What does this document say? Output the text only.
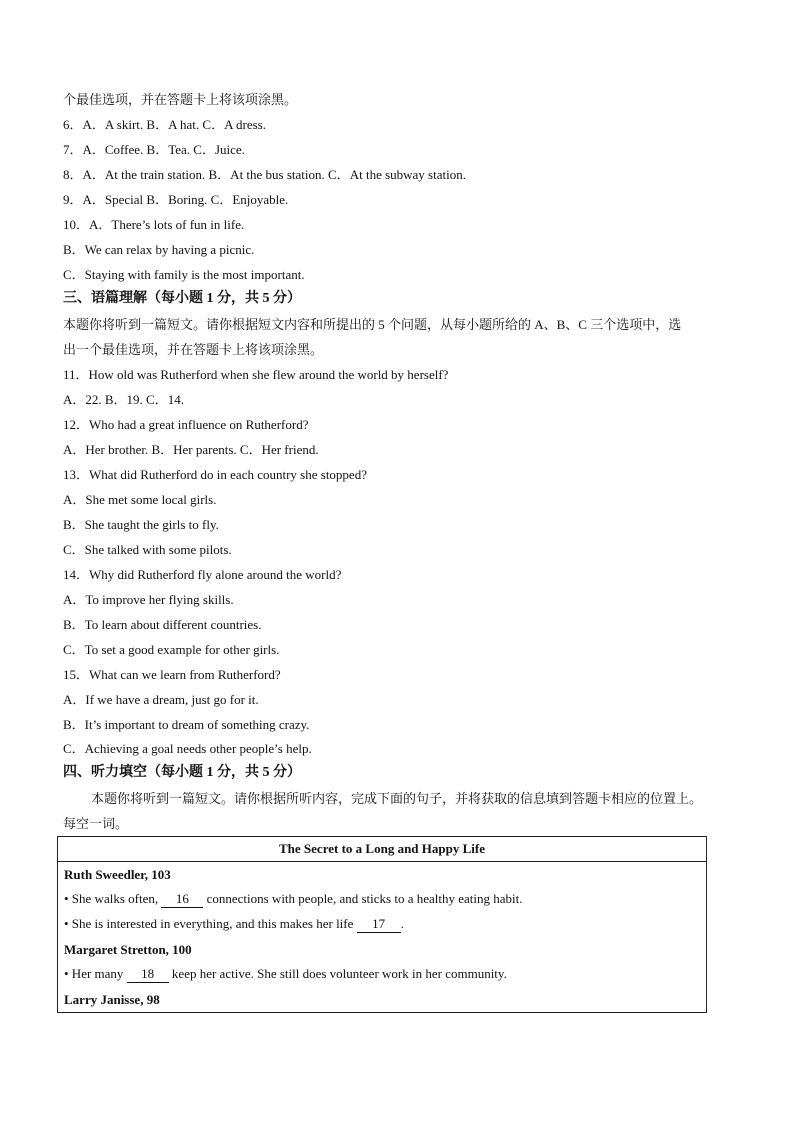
个最佳选项，并在答题卡上将该项涂黑。
6．A．A skirt. B．A hat. C．A dress.
7．A．Coffee. B．Tea. C．Juice.
8．A．At the train station. B．At the bus station. C．At the subway station.
9．A．Special B．Boring. C．Enjoyable.
10．A．There’s lots of fun in life.
B．We can relax by having a picnic.
C．Staying with family is the most important.
三、语篇理解（每小题 1 分，共 5 分）
本题你将听到一篇短文。请你根据短文内容和所提出的 5 个问题，从每小题所给的 A、B、C 三个选项中，选
出一个最佳选项，并在答题卡上将该项涂黑。
11．How old was Rutherford when she flew around the world by herself?
A．22. B．19. C．14.
12．Who had a great influence on Rutherford?
A．Her brother. B．Her parents. C．Her friend.
13．What did Rutherford do in each country she stopped?
A．She met some local girls.
B．She taught the girls to fly.
C．She talked with some pilots.
14．Why did Rutherford fly alone around the world?
A．To improve her flying skills.
B．To learn about different countries.
C．To set a good example for other girls.
15．What can we learn from Rutherford?
A．If we have a dream, just go for it.
B．It’s important to dream of something crazy.
C．Achieving a goal needs other people’s help.
四、听力填空（每小题 1 分，共 5 分）
本题你将听到一篇短文。请你根据所听内容，完成下面的句子，并将获取的信息填到答题卡相应的位置上。
每空一词。
The Secret to a Long and Happy Life
Ruth Sweedler, 103
• She walks often, 16 connections with people, and sticks to a healthy eating habit.
• She is interested in everything, and this makes her life 17 .
Margaret Stretton, 100
• Her many 18 keep her active. She still does volunteer work in her community.
Larry Janisse, 98
